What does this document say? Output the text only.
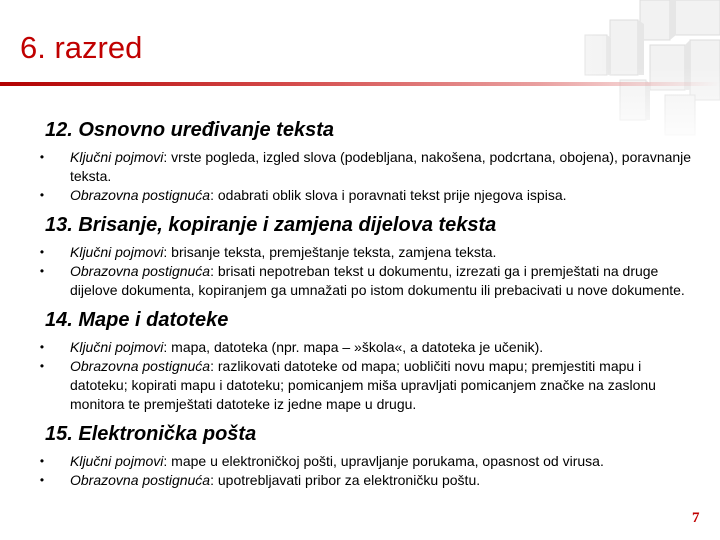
6. razred
12. Osnovno uređivanje teksta
• Ključni pojmovi: vrste pogleda, izgled slova (podebljana, nakošena, podcrtana, obojena), poravnanje teksta.
• Obrazovna postignuća: odabrati oblik slova i poravnati tekst prije njegova ispisa.
13. Brisanje, kopiranje i zamjena dijelova teksta
• Ključni pojmovi: brisanje teksta, premještanje teksta, zamjena teksta.
• Obrazovna postignuća: brisati nepotreban tekst u dokumentu, izrezati ga i premještati na druge dijelove dokumenta, kopiranjem ga umnažati po istom dokumentu ili prebacivati u nove dokumente.
14. Mape i datoteke
• Ključni pojmovi: mapa, datoteka (npr. mapa – »škola«, a datoteka je učenik).
• Obrazovna postignuća: razlikovati datoteke od mapa; uobličiti novu mapu; premjestiti mapu i datoteku; kopirati mapu i datoteku; pomicanjem miša upravljati pomicanjem značke na zaslonu monitora te premještati datoteke iz jedne mape u drugu.
15. Elektronička pošta
• Ključni pojmovi: mape u elektroničkoj pošti, upravljanje porukama, opasnost od virusa.
• Obrazovna postignuća: upotrebljavati pribor za elektroničku poštu.
7
